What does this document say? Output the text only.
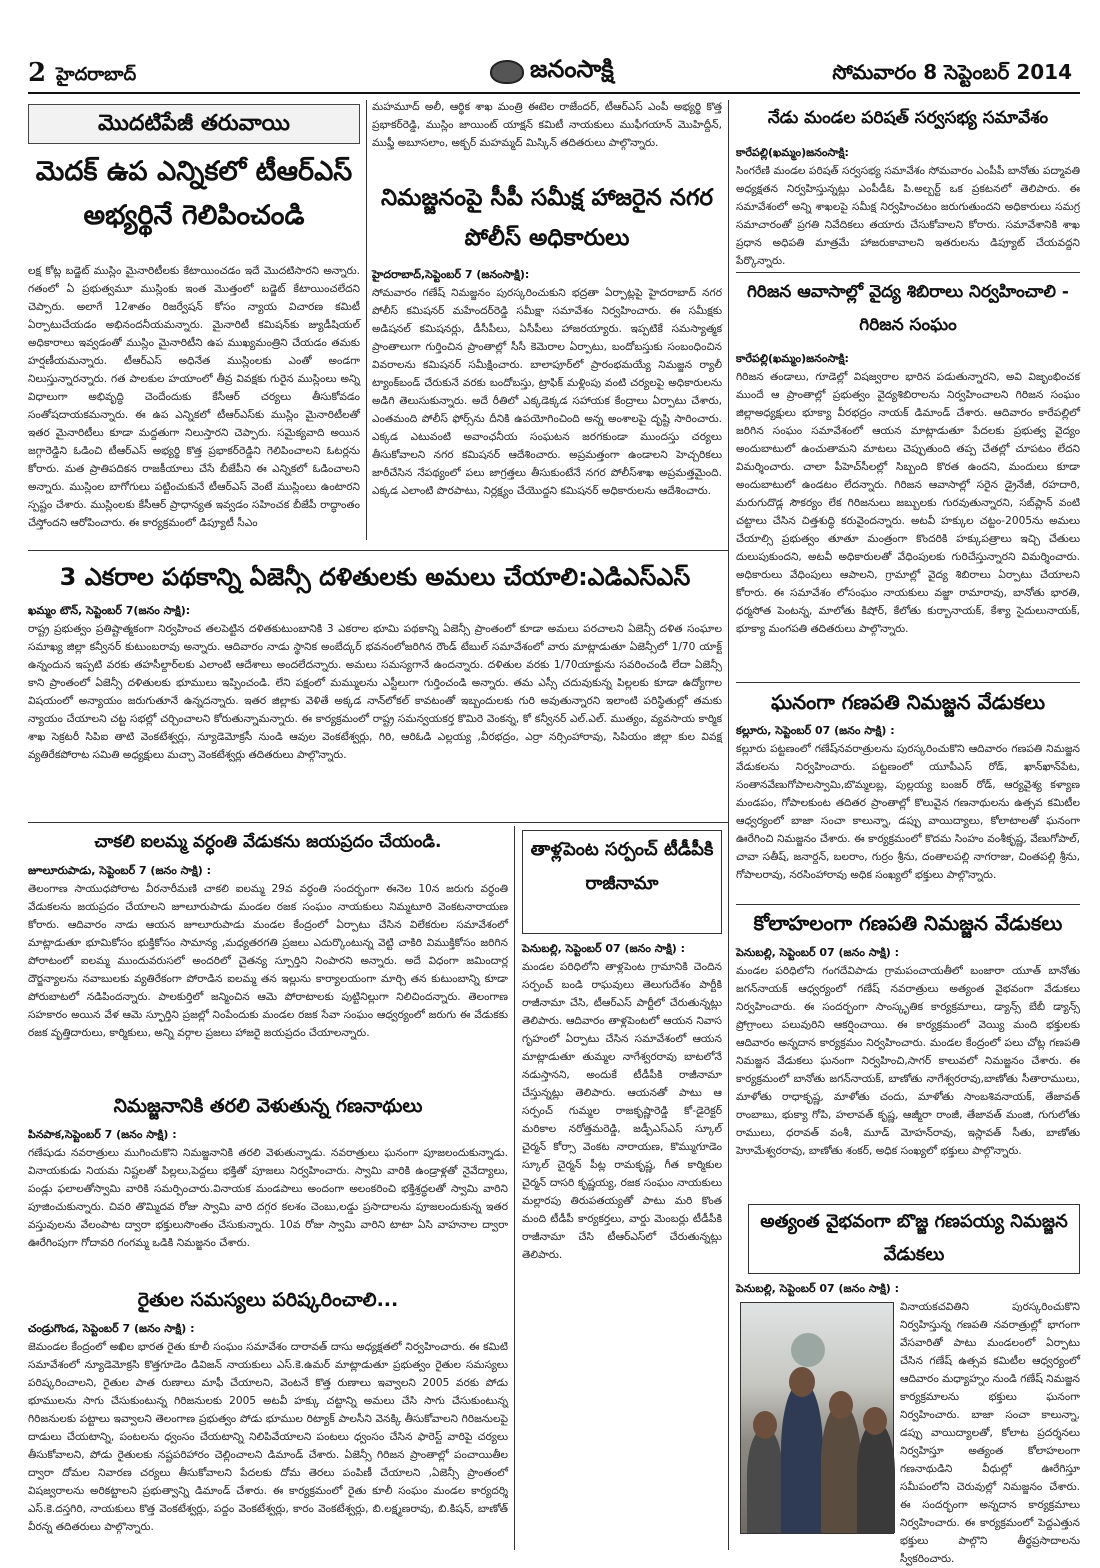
2 హైదరాబాద్	జనంసాక్షి	సోమవారం 8 సెప్టెంబర్ 2014
మొదటిపేజీ తరువాయి
మెదక్ ఉప ఎన్నికలో టీఆర్ఎస్ అభ్యర్థినే గెలిపించండి
లక్ష కోట్ల బడ్జెట్ ముస్లిం మైనారిటీలకు కేటాయించడం ఇదే మొదటిసారని అన్నారు. గతంలో ఏ ప్రభుత్వమూ ముస్లింకు ఇంత మొత్తంలో బడ్జెట్ కేటాయించలేదని చెప్పారు. అలాగే 12శాతం రిజర్వేషన్ కోసం న్యాయ విచారణ కమిటీ ఏర్పాటుచేయడం అభినందనీయమన్నారు. మైనారిటీ కమిషన్‌కు జ్యుడీషియల్ అధికారాలు ఇవ్వడంతో ముస్లిం మైనారిటీని ఉప ముఖ్యమంత్రిని చేయడం తమకు హర్షణీయమన్నారు. టీఆర్ఎస్ అధినేత ముస్లింలకు ఎంతో అండగా నిలుస్తున్నారన్నారు. గత పాలకుల హయాంలో తీవ్ర వివక్షకు గురైన ముస్లింలు అన్ని విధాలుగా అభివృద్ధి చెందేందుకు కేసీఆర్ చర్యలు తీసుకోవడం సంతోషదాయకమన్నారు. ఈ ఉప ఎన్నికలో టీఆర్ఎస్‌కు ముస్లిం మైనారిటీలతో ఇతర మైనారిటీలు కూడా మద్దతుగా నిలుస్తారని చెప్పారు. సమైక్యవాది అయిన జగ్గారెడ్డిని ఓడించి టీఆర్ఎస్ అభ్యర్థి కొత్త ప్రభాకర్‌రెడ్డిని గెలిపించాలని ఓటర్లను కోరారు. మత ప్రాతిపదికన రాజకీయాలు చేసే బీజేపీని ఈ ఎన్నికలో ఓడించాలని అన్నారు. ముస్లింల బాగోగులు పట్టించుకునే టీఆర్ఎస్ వెంటే ముస్లింలు ఉంటారని స్పష్టం చేశారు. ముస్లింలకు కేసీఆర్ ప్రాధాన్యత ఇవ్వడం సహించక బీజేపీ రాద్ధాంతం చేస్తోందని ఆరోపించారు. ఈ కార్యక్రమంలో డిప్యూటీ సీఎం
మహమూద్ అలీ, ఆర్థిక శాఖ మంత్రి ఈటెల రాజేందర్, టీఆర్ఎస్ ఎంపీ అభ్యర్థి కొత్త ప్రభాకర్‌రెడ్డి, ముస్లిం జాయింట్ యాక్షన్ కమిటీ నాయకులు ముఫీగయాన్ మొహిద్దీన్, ముఫ్తీ అబూసలాం, అక్బర్ మహమ్మద్ మిస్కిన్ తదితరులు పాల్గొన్నారు.
నిమజ్జనంపై సీపీ సమీక్ష హాజరైన నగర పోలీస్ అధికారులు
హైదరాబాద్,సెప్టెంబర్ 7 (జనంసాక్షి):
సోమవారం గణేష్ నిమజ్జనం పురస్కరించుకుని భద్రతా ఏర్పాట్లపై హైదరాబాద్ నగర పోలీస్ కమిషనర్ మహేందర్‌రెడ్డి సమీక్షా సమావేశం నిర్వహించారు. ఈ సమీక్షకు అడిషనల్ కమిషనర్లు, డీసీపీలు, ఏసీపీలు హాజరయ్యారు. ఇప్పటికే సమస్యాత్మక ప్రాంతాలుగా గుర్తించిన ప్రాంతాల్లో సీసీ కెమెరాల ఏర్పాటు, బందోబస్తుకు సంబంధించిన వివరాలను కమిషనర్ సమీక్షించారు. బాలాపూర్‌లో ప్రారంభమయ్యే నిమజ్జన ర్యాలీ ట్యాంక్‌బండ్ చేరుకునే వరకు బందోబస్తు, ట్రాఫిక్ మళ్లింపు వంటి చర్యలపై అధికారులను అడిగి తెలుసుకున్నారు. అదే రీతిలో ఎక్కడెక్కడ సహాయక కేంద్రాలు ఏర్పాటు చేశారు, ఎంతమంది పోలీస్ ఫోర్స్‌ను దీనికి ఉపయోగించింది అన్న అంశాలపై దృష్టి సారించారు. ఎక్కడ ఎటువంటి అవాంఛనీయ సంఘటన జరగకుండా ముందస్తు చర్యలు తీసుకోవాలని నగర కమిషనర్ ఆదేశించారు. అప్రమత్తంగా ఉండాలని హెచ్చరికలు జారీచేసిన నేపథ్యంలో పలు జాగ్రత్తలు తీసుకుంటేనే నగర పోలీస్‌శాఖ అప్రమత్తమైంది. ఎక్కడ ఎలాంటి పొరపాటు, నిర్లక్ష్యం చేయొద్దని కమిషనర్ అధికారులను ఆదేశించారు.
నేడు మండల పరిషత్ సర్వసభ్య సమావేశం
కారేపల్లి(ఖమ్మం)జనంసాక్షి:
సింగరేణి మండల పరిషత్ సర్వసభ్య సమావేశం సోమవారం ఎంపీపీ బానోతు పద్మావతి అధ్యక్షతన నిర్వహిస్తున్నట్లు ఎంపీడీఓ పి.అల్బర్ట్ ఒక ప్రకటనలో తెలిపారు. ఈ సమావేశంలో అన్ని శాఖలపై సమీక్ష నిర్వహించటం జరుగుతుందని అధికారులు సమగ్ర సమాచారంతో ప్రగతి నివేదికలు తయారు చేసుకోవాలని కోరారు. సమావేశానికి శాఖ ప్రధాన అధిపతి మాత్రమే హాజరుకావాలని ఇతరులను డిప్యూట్ చేయవద్దని పేర్కొన్నారు.
గిరిజన ఆవాసాల్లో వైద్య శిబిరాలు నిర్వహించాలి - గిరిజన సంఘం
కారేపల్లి(ఖమ్మం)జనంసాక్షి:
గిరిజన తండాలు, గూడెల్లో విషజ్వరాల భారిన పడుతున్నారని, అవి విజృంభించక ముందే ఆ ప్రాంతాల్లో ప్రభుత్వం వైద్యశిబిరాలను నిర్వహించాలని గిరిజన సంఘం జిల్లాఅధ్యక్షులు భూక్యా వీరభద్రం నాయక్ డిమాండ్ చేశారు. ఆదివారం కారేపల్లిలో జరిగిన సంఘం సమావేశంలో ఆయన మాట్లాడుతూ పేదలకు ప్రభుత్వ వైద్యం అందుబాటులో ఉంచుతామని మాటలు చెప్పుతుంది తప్ప చేతల్లో చూపటం లేదని విమర్శించారు. చాలా పీహెచ్‌సీలల్లో సిబ్బంది కొరత ఉందని, మందులు కూడా అందుబాటులో ఉండటం లేదన్నారు. గిరిజన ఆవాసాల్లో సరైన డ్రైనేజీ, రహదారి, మరుగుదొడ్ల సౌకర్యం లేక గిరిజనులు జబ్బులకు గురవుతున్నారని, సబ్‌ప్లాన్ వంటి చట్టాలు చేసిన చిత్తశుద్ధి కరువైందన్నారు. అటవీ హక్కుల చట్టం-2005ను అమలు చేయాల్సి ప్రభుత్వం తూతూ మంత్రంగా కొందరికి హక్కుపత్రాలు ఇచ్చి చేతులు దులుపుకుందని, అటవీ అధికారులతో వేధింపులకు గురిచేస్తున్నారని విమర్శించారు. అధికారులు వేధింపులు ఆపాలని, గ్రామాల్లో వైద్య శిబిరాలు ఏర్పాటు చేయాలని కోరారు. ఈ సమావేశం లోసంఘం నాయకులు వజ్జా రామారావు, బానోతు భారతి, ధర్మసోత పెంటన్న, మాలోతు కిషోర్, కేలోతు కుర్బానాయక్, కేశ్యా సైదులునాయక్, భూక్యా మంగపతి తదితరులు పాల్గొన్నారు.
ఘనంగా గణపతి నిమజ్జన వేడుకలు
కల్లూరు, సెప్టెంబర్ 07 (జనం సాక్షి) :
కల్లూరు పట్టణంలో గణేష్‌నవరాత్రులను పురస్కరించుకొని ఆదివారం గణపతి నిమజ్జన వేడుకలను నిర్వహించారు. పట్టణంలో యూపీఎస్ రోడ్, ఖాన్‌ఖాన్‌పేట, సంతానవేణుగోపాలస్వామి,బొమ్మలబ్ల, పుల్లయ్య బంజర్ రోడ్, ఆర్యవైశ్య కళ్యాణ మండపం, గోపాలకుంట తదితర ప్రాంతాల్లో కొలువైన గణనాథులను ఉత్సవ కమిటీల ఆధ్వర్యంలో బాజా సంచా కాలున్నా, డప్పు వాయిద్యాలు, కోలాటాలతో ఘనంగా ఊరేగించి నిమజ్జనం చేశారు. ఈ కార్యక్రమంలో కొదమ సింహం వంశీకృష్ణ, వేణుగోపాల్, చావా సతీష్, జనార్దన్, బలరాం, గుర్రం శ్రీను, దంతాలపల్లి నాగరాజు, చింతపల్లి శ్రీను, గోపాలరావు, నరసింహారావు అధిక సంఖ్యలో భక్తులు పాల్గొన్నారు.
కోలాహలంగా గణపతి నిమజ్జన వేడుకలు
పెనుబల్లి, సెప్టెంబర్ 07 (జనం సాక్షి) :
మండల పరిధిలోని గంగదేవిపాడు గ్రామపంచాయతీలో బంజారా యూత్ బానోతు జగన్‌నాయక్ ఆధ్వర్యంలో గణేష్ నవరాత్రులు అత్యంత వైభవంగా వేడుకలు నిర్వహించారు. ఈ సందర్భంగా సాంస్కృతిక కార్యక్రమాలు, డ్యాన్స్ బేబీ డ్యాన్స్ ప్రోగ్రాంలు పలువురిని ఆకర్షించాయి. ఈ కార్యక్రమంలో వెయ్యి మంది భక్తులకు ఆదివారం అన్నదాన కార్యక్రమం నిర్వహించారు. మండల కేంద్రంలో పలు చోట్ల గణపతి నిమజ్జన వేడుకలు ఘనంగా నిర్వహించి,సాగర్ కాలువలో నిమజ్జనం చేశారు. ఈ కార్యక్రమంలో బానోతు జగన్‌నాయక్, బాణోతు నాగేశ్వరరావు,బాణోతు సీతారాములు, మాళోతు రాధాకృష్ణ, మాళోతు చందు, మాళోతు సాంబశివనాయక్, తేజావత్ రాంబాబు, భుక్యా గోపి, హలావత్ కృష్ణ, ఆజ్మీరా రాంజీ, తేజావత్ మంజి, గుగులోతు రాములు, ధరావత్ వంశీ, మూడ్ మోహన్‌రావు, ఇస్లావత్ సీతు, బాణోతు హెూమేశ్వరరావు, బాణోతు శంకర్, అధిక సంఖ్యలో భక్తులు పాల్గొన్నారు.
అత్యంత వైభవంగా బొజ్జ గణపయ్య నిమజ్జన వేడుకలు
పెనుబల్లి, సెప్టెంబర్ 07 (జనం సాక్షి) :
వినాయకచవితిని పురస్కరించుకొని నిర్వహిస్తున్న గణపతి నవరాత్రుల్లో భాగంగా వేసవారితో పాటు మండలంలో ఏర్పాటు చేసిన గణేష్ ఉత్సవ కమిటీల ఆధ్వర్యంలో ఆదివారం మధ్యాహ్నం నుండి గణేష్ నిమజ్జన కార్యక్రమాలను భక్తులు ఘనంగా నిర్వహించారు. బాజా సంచా కాలున్నా, డప్పు వాయిద్యాలతో, కోలాట ప్రదర్శనలు నిర్వహిస్తూ అత్యంత కోలాహలంగా గణనాథుడిని వీధుల్లో ఊరేగిస్తూ సమీపంలోని చెరువుల్లో నిమజ్జనం చేశారు. ఈ సందర్భంగా అన్నదాన కార్యక్రమాలు నిర్వహించారు. ఈ కార్యక్రమంలో పెద్దఎత్తున భక్తులు పాల్గొని తీర్థప్రసాదాలను స్వీకరించారు.
3 ఎకరాల పథకాన్ని ఏజెన్సీ దళితులకు అమలు చేయాలి:ఎడిఎస్ఎస్
ఖమ్మం టౌన్, సెప్టెంబర్ 7(జనం సాక్షి):
రాష్ట్ర ప్రభుత్వం ప్రతిష్టాత్మకంగా నిర్వహించ తలపెట్టిన దళితకుటుంబానికి 3 ఎకరాల భూమి పథకాన్ని ఏజెన్సీ ప్రాంతంలో కూడా అమలు పరచాలని ఏజెన్సీ దళిత సంఘాల సమాఖ్య జిల్లా కన్వీనర్ కుటుంబరావు అన్నారు. ఆదివారం నాడు స్థానిక అంబేద్కర్ భవనంలోజరిగిన రౌండ్ టేబుల్ సమావేశంలో వారు మాట్లాడుతూ ఏజెన్సీలో 1/70 యాక్ట్ ఉన్నందున ఇప్పటి వరకు తహసీల్దార్‌లకు ఎలాంటి ఆదేశాలు అందలేదన్నారు. అమలు సమస్యగానే ఉందన్నారు. దళితుల వరకు 1/70యాక్టును సవరించండి లేదా ఏజెన్సీ కాని ప్రాంతంలో ఏజెన్సీ దళితులకు భూములు ఇప్పించండి. లేని పక్షంలో మమ్ములను ఎస్టీలుగా గుర్తించండి అన్నారు. తమ ఎస్సీ చదువుకున్న పిల్లలకు కూడా ఉద్యోగాల విషయంలో అన్యాయం జరుగుతూనే ఉన్నదన్నారు. ఇతర జిల్లాకు వెళితే అక్కడ నాన్‌లోకల్ కావటంతో ఇబ్బందులకు గురి అవుతున్నారని ఇలాంటి పరిస్థితుల్లో తమకు న్యాయం చేయాలని చట్ట సభల్లో చర్చించాలని కోరుతున్నామన్నారు. ఈ కార్యక్రమంలో రాష్ట్ర సమన్వయకర్త కొమిరె వెంకన్న, కో కన్వీనర్ ఎల్.ఎల్. ముత్యం, వ్యవసాయ కార్మిక శాఖ సెక్రటరీ సిపిఐ తాటి వెంకటేశ్వర్లు, న్యూడెమోక్రసీ నుండి ఆవుల వెంకటేశ్వర్లు, గిరి, ఆరిఓడి ఎల్లయ్య ,వీరభద్రం, ఎర్రా నర్సింహారావు, సిపియం జిల్లా కుల వివక్ష వ్యతిరేకపోరాట సమితి అధ్యక్షులు మచ్చా వెంకటేశ్వర్లు తదితరులు పాల్గొన్నారు.
చాకలి ఐలమ్మ వర్ధంతి వేడుకను జయప్రదం చేయండి.
జూలూరుపాడు, సెప్టెంబర్ 7 (జనం సాక్షి) :
తెలంగాణ సాయుధపోరాట వీరనారీమణి చాకలి ఐలమ్మ 29వ వర్ధంతి సందర్భంగా ఈనెల 10న జరుగు వర్ధంతి వేడుకలను జయప్రదం చేయాలని జూలూరుపాడు మండల రజక సంఘం నాయకులు నిమ్మటూరి వెంకటనారాయణ కోరారు. ఆదివారం నాడు ఆయన జూలూరుపాడు మండల కేంద్రంలో ఏర్పాటు చేసిన విలేకరుల సమావేశంలో మాట్లాడుతూ భూమికోసం భుక్తికోసం సామాన్య ,మధ్యతరగతి ప్రజలు ఎదుర్కొంటున్న వెట్టి చాకిరి విముక్తికోసం జరిగిన పోరాటంలో ఐలమ్మ ముందువరుసలో అందరిలో చైతన్య స్పూర్తిని నింపారని అన్నారు. అదే విధంగా జమిందార్ల దౌర్జన్యాలను నవాబులకు వ్యతిరేకంగా పోరాడిన ఐలమ్మ తన ఇల్లును కార్యాలయంగా మార్చి తన కుటుంబాన్ని కూడా పోరుబాటలో నడిపిందన్నారు. పాలకుర్తిలో జన్మించిన ఆమె పోరాటాలకు పుట్టినిల్లుగా నిలిచిందన్నారు. తెలంగాణ సహకారం అయిన వేళ ఆమె స్ఫూర్తిని ప్రజల్లో నింపేందుకు మండల రజక సేవా సంఘం ఆధ్వర్యంలో జరుగు ఈ వేడుకకు రజక వృత్తిదారులు, కార్మికులు, అన్ని వర్గాల ప్రజలు హాజరై జయప్రదం చేయాలన్నారు.
నిమజ్జనానికి తరలి వెళుతున్న గణనాథులు
పినపాక,సెప్టెంబర్ 7 (జనం సాక్షి) :
గణేషుడు నవరాత్రులు ముగించుకొని నిమజ్జనానికి తరలి వెళుతున్నాడు. నవరాత్రులు ఘనంగా పూజలందుకున్నాడు. వినాయకుడు నియమ నిష్టలతో పిల్లలు,పెద్దలు భక్తితో పూజలు నిర్వహించారు. స్వామి వారికి ఉండ్రాళ్లతో నైవేద్యాలు, పండ్లు ఫలాలతోస్వామి వారికి సమర్పించారు.వినాయక మండపాలు అందంగా అలంకరించి భక్తిశ్రద్ధలతో స్వామి వారిని పూజించుకున్నారు. చివరి తొమ్మిదవ రోజు స్వామి వారి దగ్గర కలశం చెంబు,లడ్డు ప్రసాదాలను పూజలందుకున్న ఇతర వస్తువులను వేలంపాట ద్వారా భక్తులుసొంతం చేసుకున్నారు. 10వ రోజు స్వామి వారిని టాటా ఏసి వాహనాల ద్వారా ఊరేగింపుగా గోదావరి గంగమ్మ ఒడికి నిమజ్జనం చేశారు.
రైతుల సమస్యలు పరిష్కరించాలి...
చండ్రుగొండ, సెప్టెంబర్ 7 (జనం సాక్షి) :
జెమండల కేంద్రంలో అఖిల భారత రైతు కూలీ సంఘం సమావేశం దారావత్ దాసు అధ్యక్షతలో నిర్వహించారు. ఈ కమిటి సమావేశంలో న్యూడెమోక్రసి కొత్తగూడెం డివిజన్ నాయకులు ఎస్.కె.ఉమర్ మాట్లాడుతూ ప్రభుత్వం రైతుల సమస్యలు పరిష్కరించాలని, రైతుల పాత రుణాలు మాఫీ చేయాలని, వెంటనే కొత్త రుణాలు ఇవ్వాలని 2005 వరకు పోడు భూములను సాగు చేసుకుంటున్న గిరిజనులకు 2005 అటవీ హక్కు చట్టాన్ని అమలు చేసి సాగు చేసుకుంటున్న గిరిజనులకు పట్టాలు ఇవ్వాలని తెలంగాణ ప్రభుత్వం పోడు భూముల రిట్యాక్ పాలసీని వెనక్కి తీసుకోవాలని గిరిజనులపై దాడులు చేయటాన్ని, పంటలను ధ్వంసం చేయటాన్ని నిలిపివేయాలని పంటలు ధ్వంసం చేసిన ఫారెస్ట్ వారిపై చర్యలు తీసుకోవాలని, పోడు రైతులకు నష్టపరిహారం చెల్లించాలని డిమాండ్ చేశారు. ఏజెన్సీ గిరిజన ప్రాంతాల్లో పంచాయితీల ద్వారా దోమల నివారణ చర్యలు తీసుకోవాలని పేదలకు దోమ తెరలు పంపిణీ చేయాలని ,ఏజెన్సీ ప్రాంతంలో విషజ్వరాలను అరికట్టాలని ప్రభుత్వాన్ని డిమాండ్ చేశారు. ఈ కార్యక్రమంలో రైతు కూలీ సంఘం మండల కార్యదర్శి ఎస్.కె.దస్తగిరి, నాయకులు కొత్త వెంకటేశ్వర్లు, పద్దం వెంకటేశ్వర్లు, కారం వెంకటేశ్వర్లు, బి.లక్ష్మణరావు, బి.కిషన్, బాణోత్ వీరన్న తదితరులు పాల్గొన్నారు.
తాళ్లపెంట సర్పంచ్ టీడీపీకి రాజీనామా
పెనుబల్లి, సెప్టెంబర్ 07 (జనం సాక్షి) :
మండల పరిధిలోని తాళ్లపెంట గ్రామానికి చెందిన సర్పంచ్ బండి రాఘవులు తెలుగుదేశం పార్టీకి రాజీనామా చేసి, టీఆర్ఎస్ పార్టీలో చేరుతున్నట్లు తెలిపారు. ఆదివారం తాళ్లపెంటలో ఆయన నివాస గృహంలో ఏర్పాటు చేసిన సమావేశంలో ఆయన మాట్లాడుతూ తుమ్మల నాగేశ్వరరావు బాటలోనే నడుస్తానని, అందుకే టీడీపీకి రాజీనామా చేస్తున్నట్లు తెలిపారు. ఆయనతో పాటు ఆ సర్పంచ్ గుమ్మల రాజకృష్ణారెడ్డి కో-డైరెక్టర్ మరికాల నరోత్తమరెడ్డి, జడ్పీఎస్ఎస్ స్కూల్ చైర్మన్ కోర్సా వెంకట నారాయణ, కొమ్ముగూడెం స్కూల్ చైర్మన్ పీట్ల రామకృష్ణ, గీత కార్మికుల చైర్మన్ దాసరి కృష్ణయ్య, రజక సంఘం నాయకులు మల్లారపు తిరుపతయ్యతో పాటు మరి కొంత మంది టీడీపీ కార్యకర్తలు, వార్డు మెంబర్లు టీడీపీకి రాజీనామా చేసి టీఆర్ఎస్‌లో చేరుతున్నట్లు తెలిపారు.
